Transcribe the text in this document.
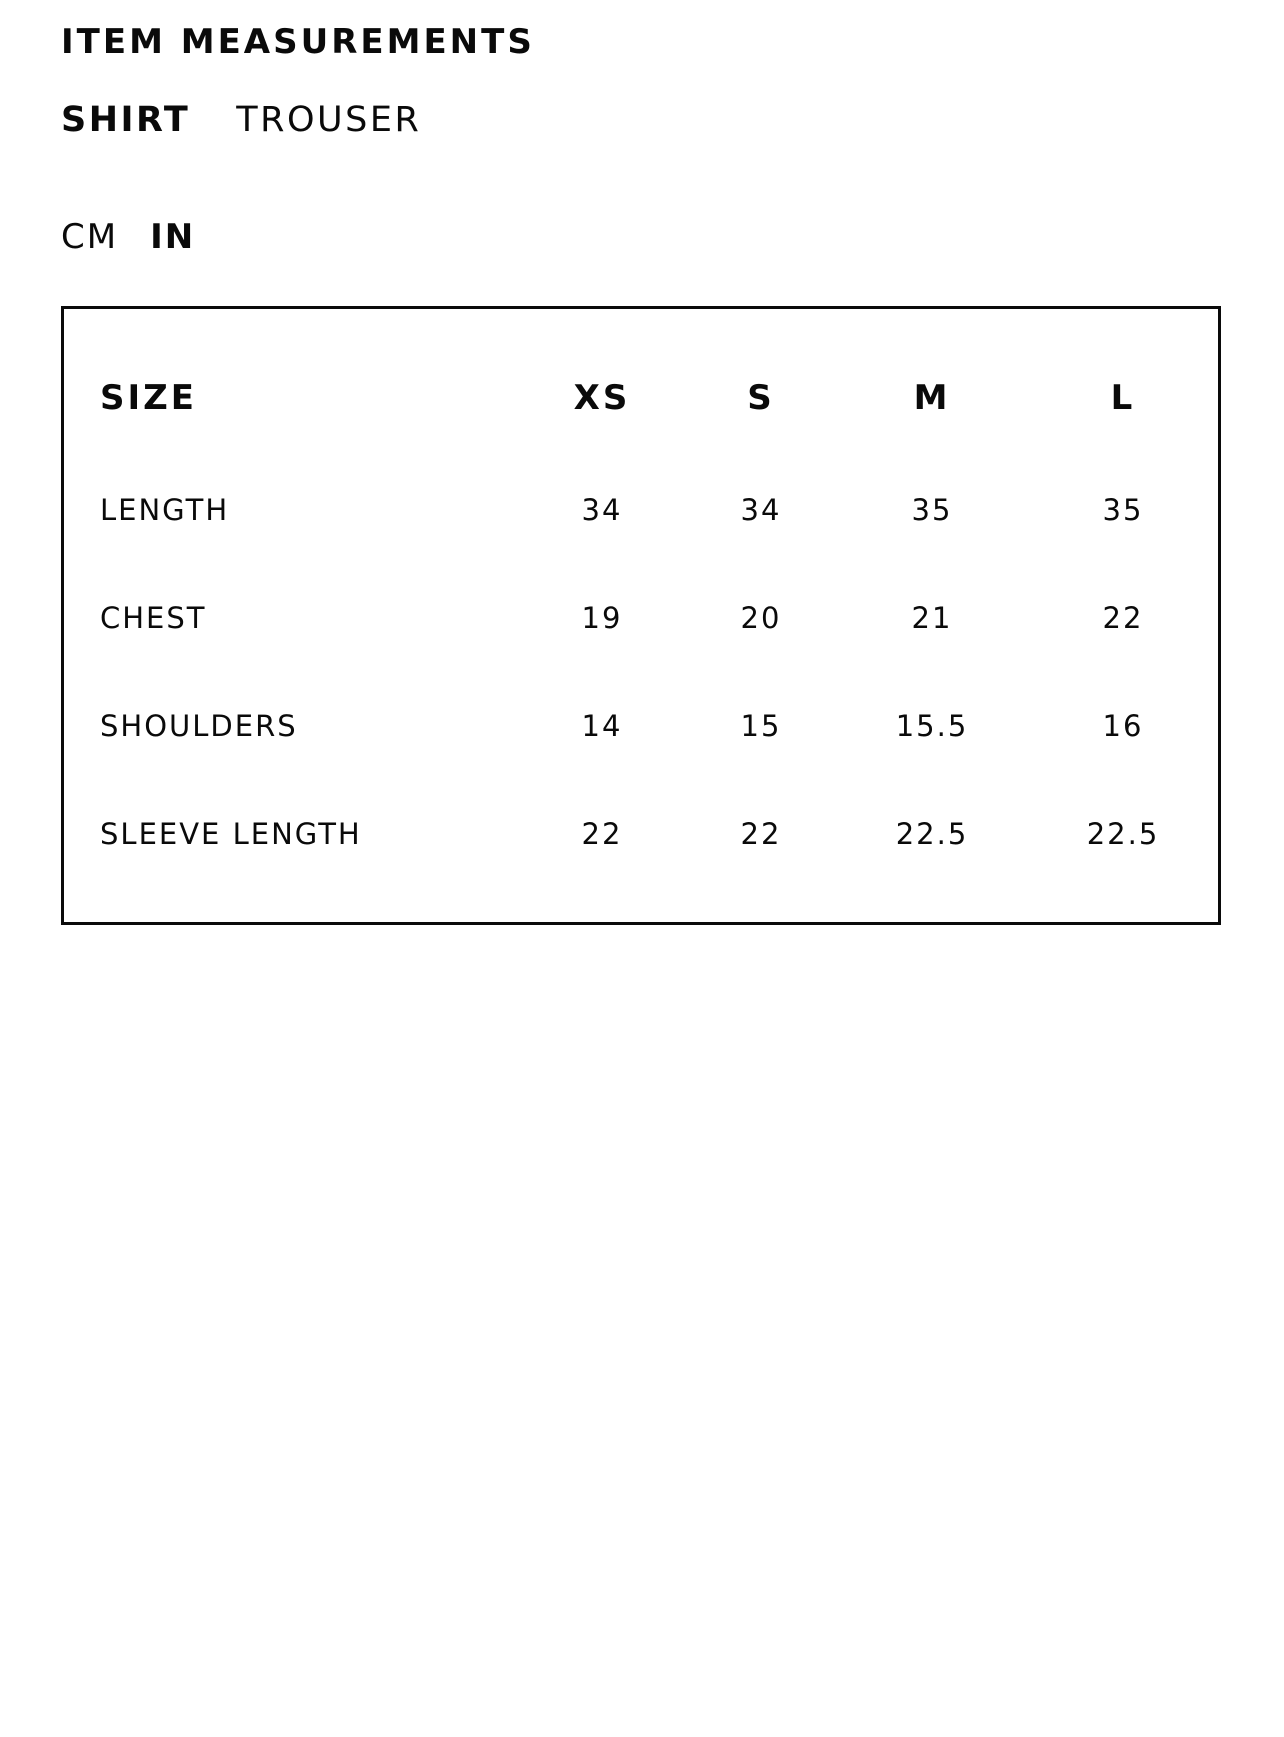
ITEM MEASUREMENTS
SHIRT TROUSER
CM IN
SIZE	XS	S	M	L
LENGTH	34	34	35	35
CHEST	19	20	21	22
SHOULDERS	14	15	15.5	16
SLEEVE LENGTH	22	22	22.5	22.5
